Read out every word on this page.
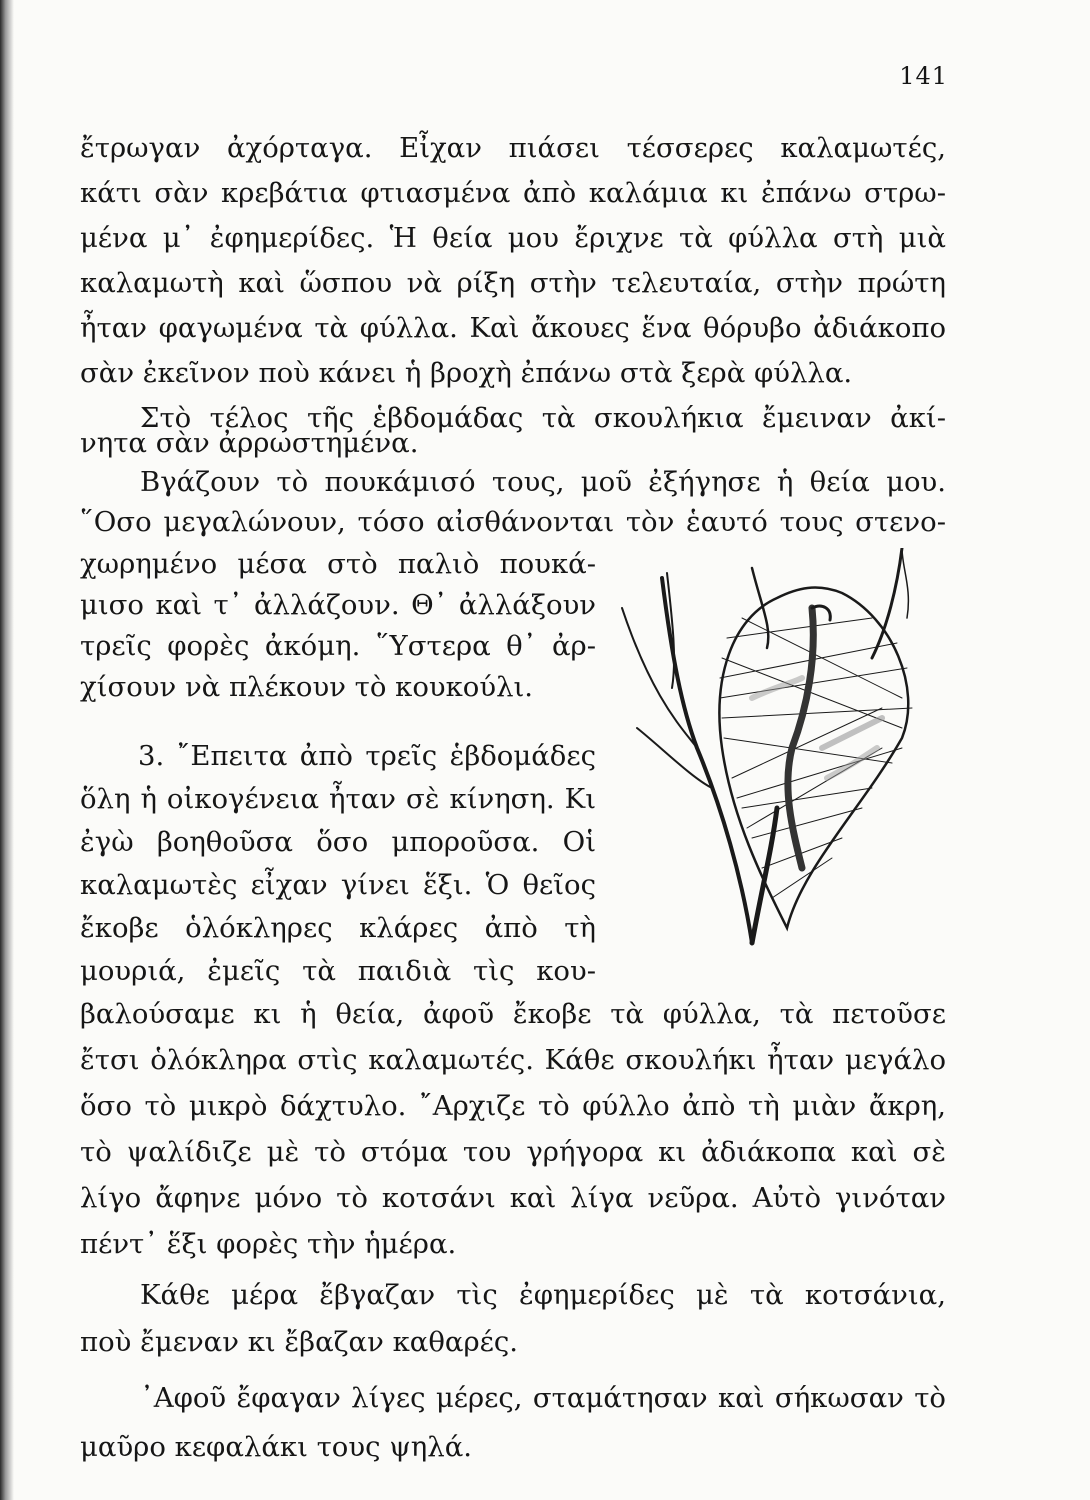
141
ἔτρωγαν ἀχόρταγα. Εἶχαν πιάσει τέσσερες καλαμωτές,
κάτι σὰν κρεβάτια φτιασμένα ἀπὸ καλάμια κι ἐπάνω στρω-
μένα μ᾿ ἐφημερίδες. Ἡ θεία μου ἔριχνε τὰ φύλλα στὴ μιὰ
καλαμωτὴ καὶ ὥσπου νὰ ρίξη στὴν τελευταία, στὴν πρώτη
ἦταν φαγωμένα τὰ φύλλα. Καὶ ἄκουες ἕνα θόρυβο ἀδιάκοπο
σὰν ἐκεῖνον ποὺ κάνει ἡ βροχὴ ἐπάνω στὰ ξερὰ φύλλα.
Στὸ τέλος τῆς ἑβδομάδας τὰ σκουλήκια ἔμειναν ἀκί-
νητα σὰν ἀρρωστημένα.
Βγάζουν τὸ πουκάμισό τους, μοῦ ἐξήγησε ἡ θεία μου.
῞Οσο μεγαλώνουν, τόσο αἰσθάνονται τὸν ἑαυτό τους στενο-
χωρημένο μέσα στὸ παλιὸ πουκά-
μισο καὶ τ᾿ ἀλλάζουν. Θ᾿ ἀλλάξουν
τρεῖς φορὲς ἀκόμη. ῞Υστερα θ᾿ ἀρ-
χίσουν νὰ πλέκουν τὸ κουκούλι.
3. ῎Επειτα ἀπὸ τρεῖς ἑβδομάδες
ὅλη ἡ οἰκογένεια ἦταν σὲ κίνηση. Κι
ἐγὼ βοηθοῦσα ὅσο μποροῦσα. Οἱ
καλαμωτὲς εἶχαν γίνει ἕξι. Ὁ θεῖος
ἔκοβε ὁλόκληρες κλάρες ἀπὸ τὴ
μουριά, ἐμεῖς τὰ παιδιὰ τὶς κου-
βαλούσαμε κι ἡ θεία, ἀφοῦ ἔκοβε τὰ φύλλα, τὰ πετοῦσε
ἔτσι ὁλόκληρα στὶς καλαμωτές. Κάθε σκουλήκι ἦταν μεγάλο
ὅσο τὸ μικρὸ δάχτυλο. ῎Αρχιζε τὸ φύλλο ἀπὸ τὴ μιὰν ἄκρη,
τὸ ψαλίδιζε μὲ τὸ στόμα του γρήγορα κι ἀδιάκοπα καὶ σὲ
λίγο ἄφηνε μόνο τὸ κοτσάνι καὶ λίγα νεῦρα. Αὐτὸ γινόταν
πέντ᾿ ἕξι φορὲς τὴν ἡμέρα.
Κάθε μέρα ἔβγαζαν τὶς ἐφημερίδες μὲ τὰ κοτσάνια,
ποὺ ἔμεναν κι ἔβαζαν καθαρές.
᾿Αφοῦ ἔφαγαν λίγες μέρες, σταμάτησαν καὶ σήκωσαν τὸ
μαῦρο κεφαλάκι τους ψηλά.
